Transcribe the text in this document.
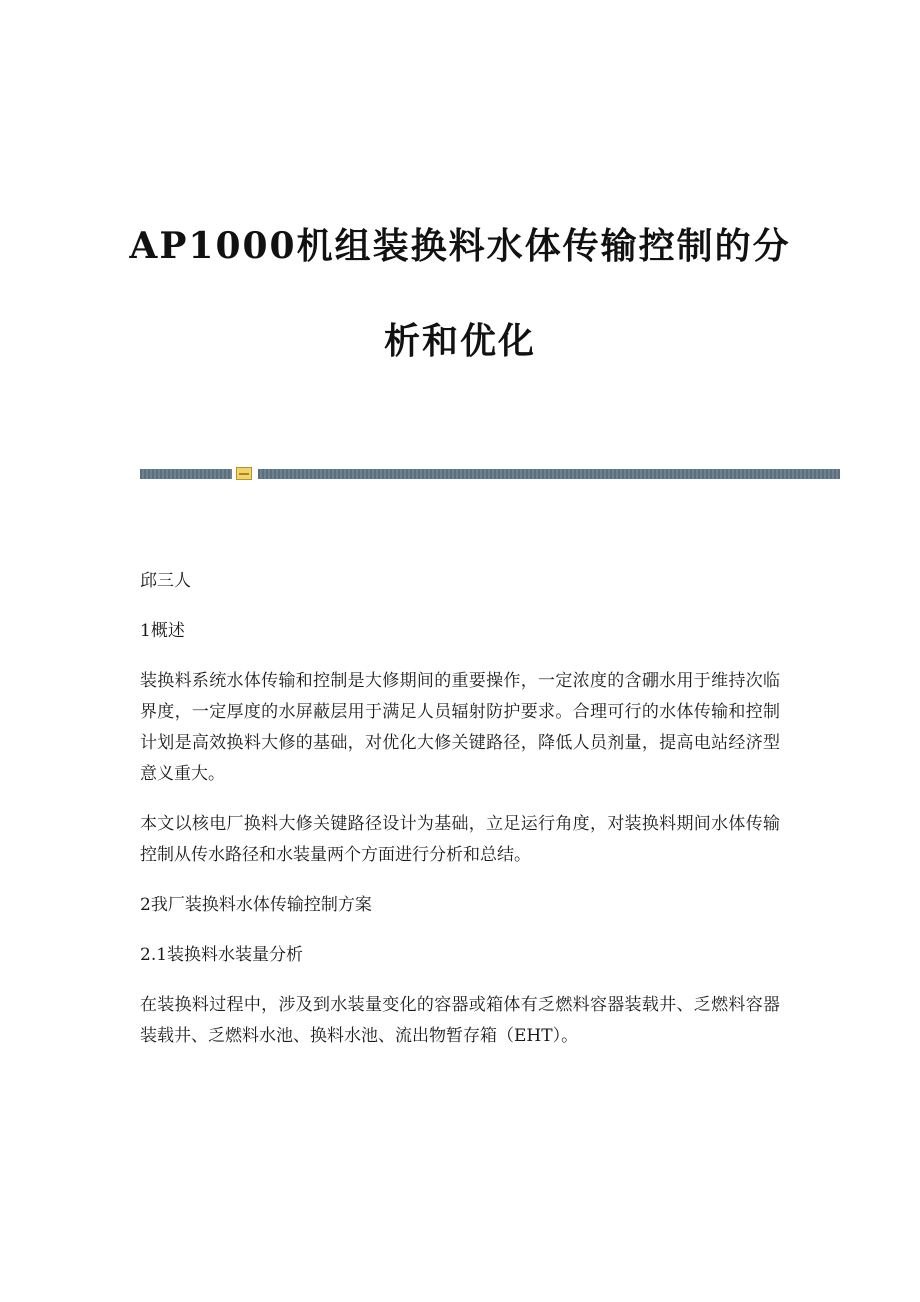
AP1000机组装换料水体传输控制的分
析和优化

邱三人

1概述

装换料系统水体传输和控制是大修期间的重要操作，一定浓度的含硼水用于维持次临界度，一定厚度的水屏蔽层用于满足人员辐射防护要求。合理可行的水体传输和控制计划是高效换料大修的基础，对优化大修关键路径，降低人员剂量，提高电站经济型意义重大。

本文以核电厂换料大修关键路径设计为基础，立足运行角度，对装换料期间水体传输控制从传水路径和水装量两个方面进行分析和总结。

2我厂装换料水体传输控制方案

2.1装换料水装量分析

在装换料过程中，涉及到水装量变化的容器或箱体有乏燃料容器装载井、乏燃料容器装载井、乏燃料水池、换料水池、流出物暂存箱（EHT）。
